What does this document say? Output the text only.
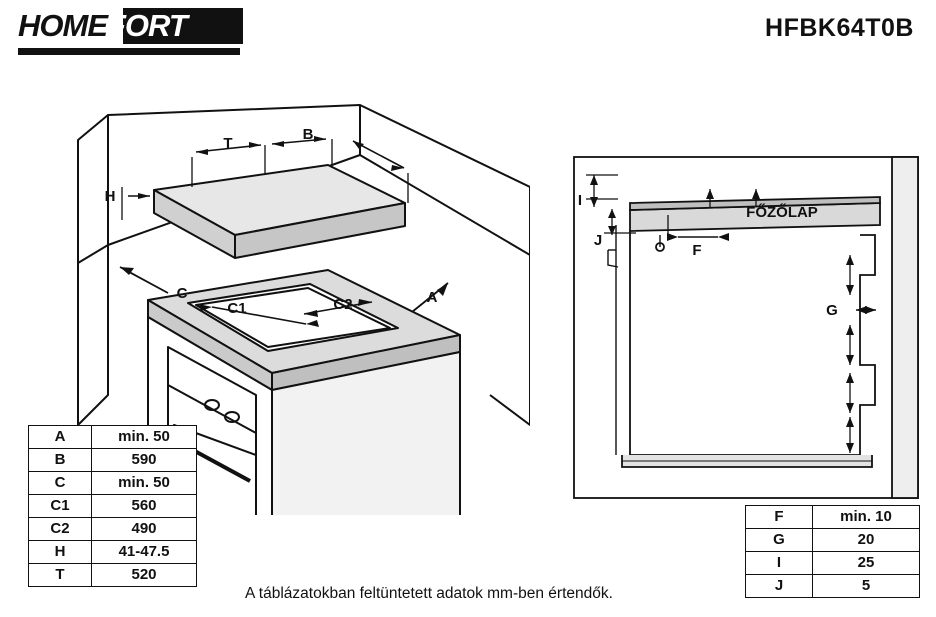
HOMEFORT	HFBK64T0B
T
B
H
C	A
C1	C2
I
J
F
G
FŐZŐLAP
A	min. 50
B	590
C	min. 50
C1	560
C2	490
H	41-47.5
T	520
F	min. 10
G	20
I	25
J	5
A táblázatokban feltüntetett adatok mm-ben értendők.
